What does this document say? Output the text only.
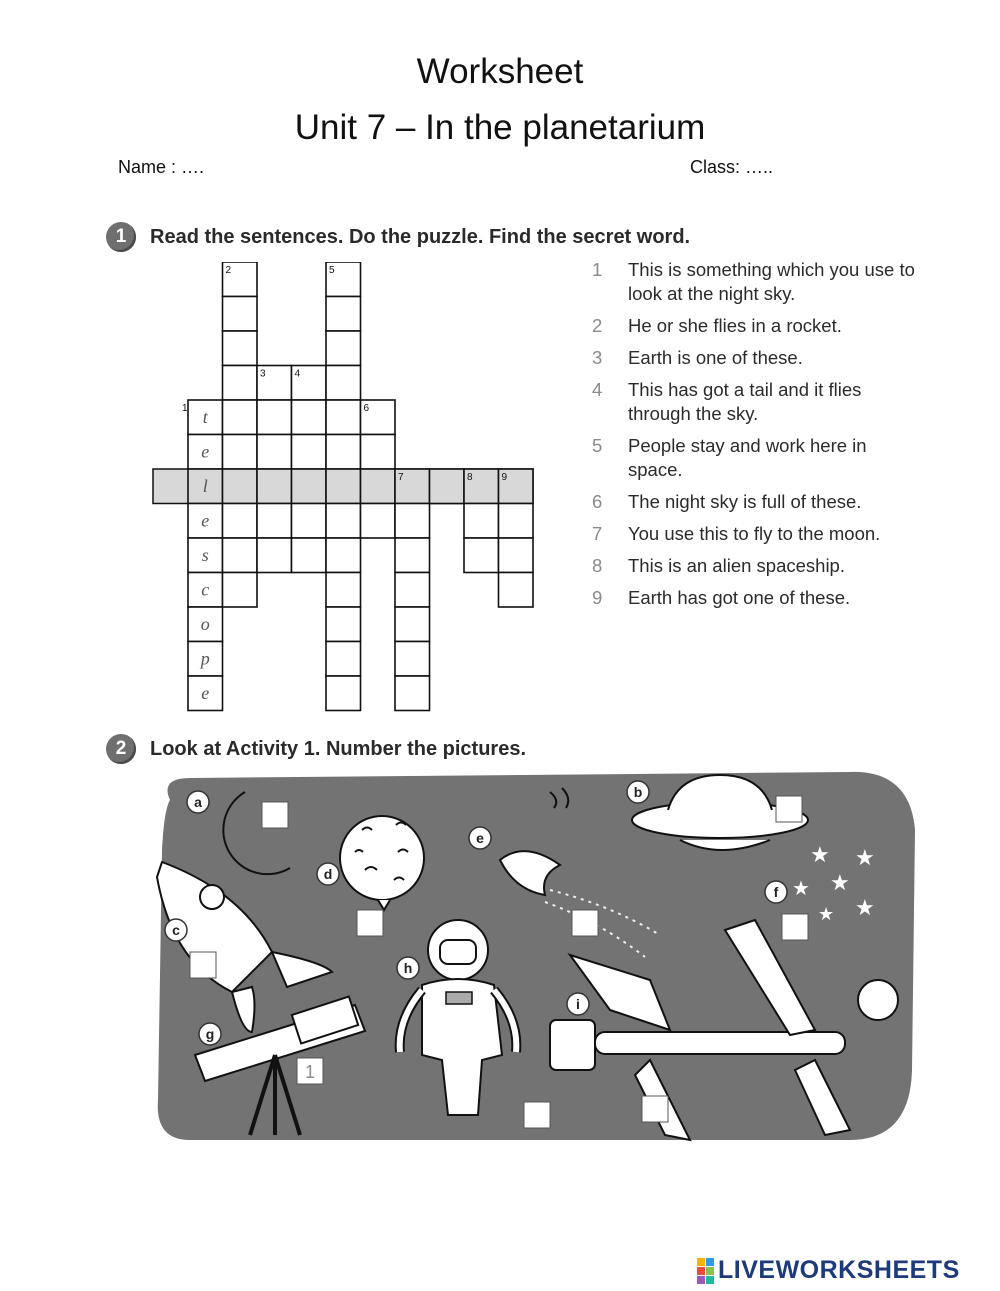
Worksheet
Unit 7 – In the planetarium
Name : ….	Class: …..
1	Read the sentences. Do the puzzle. Find the secret word.
1
2
3	4
5
6
7	8	9
t
e
l
e
s
c
o
p
e
1	This is something which you use to look at the night sky.
2	He or she flies in a rocket.
3	Earth is one of these.
4	This has got a tail and it flies through the sky.
5	People stay and work here in space.
6	The night sky is full of these.
7	You use this to fly to the moon.
8	This is an alien spaceship.
9	Earth has got one of these.
2	Look at Activity 1. Number the pictures.
★ ★
★ ★
★
★
a
b
c
d
e
f
g
h
i
1
LIVEWORKSHEETS
